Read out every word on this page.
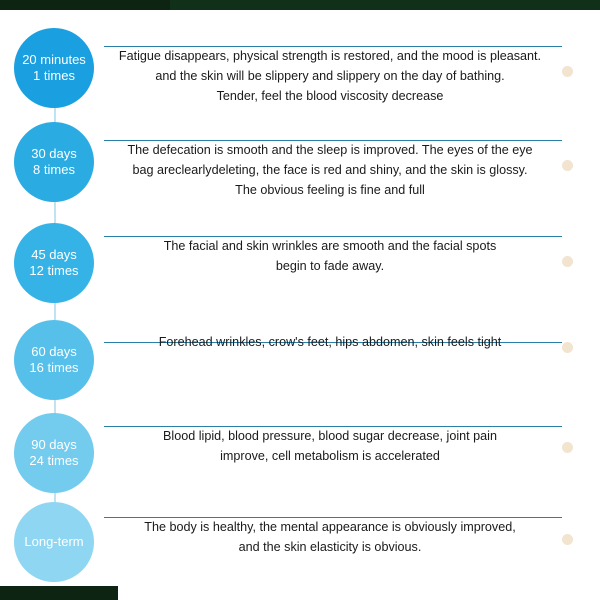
20 minutes
1 times
Fatigue disappears, physical strength is restored, and the mood is pleasant.
and the skin will be slippery and slippery on the day of bathing.
Tender, feel the blood viscosity decrease
30 days
8 times
The defecation is smooth and the sleep is improved. The eyes of the eye
bag areclearlydeleting, the face is red and shiny, and the skin is glossy.
The obvious feeling is fine and full
45 days
12 times
The facial and skin wrinkles are smooth and the facial spots
begin to fade away.
60 days
16 times
Forehead wrinkles, crow's feet, hips abdomen, skin feels tight
90 days
24 times
Blood lipid, blood pressure, blood sugar decrease, joint pain
improve, cell metabolism is accelerated
Long-term
The body is healthy, the mental appearance is obviously improved,
and the skin elasticity is obvious.
